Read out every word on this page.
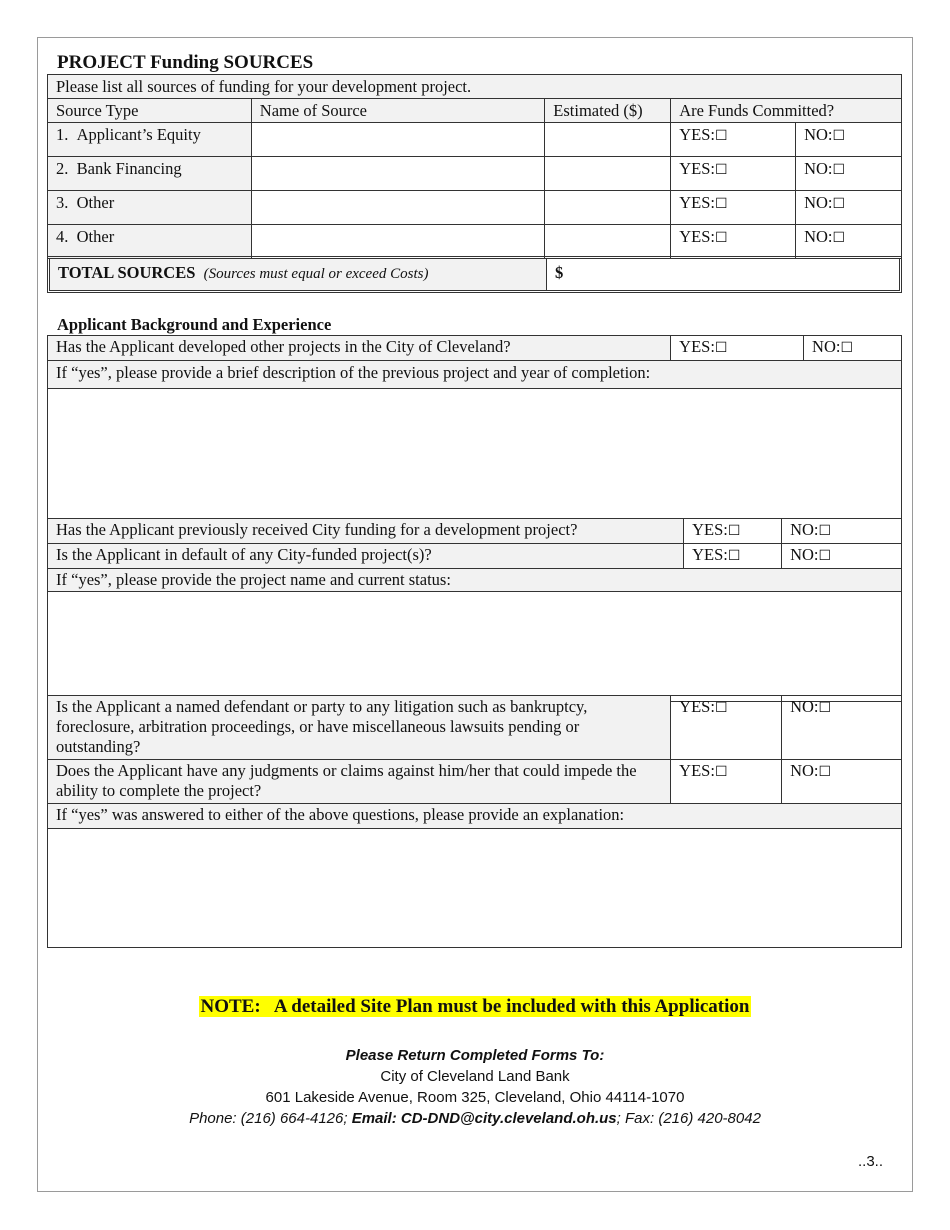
PROJECT Funding SOURCES
Please list all sources of funding for your development project.				
Source Type	Name of Source	Estimated ($)	Are Funds Committed?	
1. Applicant’s Equity			YES:☐	NO:☐
2. Bank Financing			YES:☐	NO:☐
3. Other			YES:☐	NO:☐
4. Other			YES:☐	NO:☐
TOTAL SOURCES (Sources must equal or exceed Costs)	$
Applicant Background and Experience
Has the Applicant developed other projects in the City of Cleveland?	YES:☐	NO:☐
If “yes”, please provide a brief description of the previous project and year of completion:

Has the Applicant previously received City funding for a development project?	YES:☐	NO:☐
Is the Applicant in default of any City-funded project(s)?	YES:☐	NO:☐
If “yes”, please provide the project name and current status:		

Is the Applicant a named defendant or party to any litigation such as bankruptcy, foreclosure, arbitration proceedings, or have miscellaneous lawsuits pending or outstanding?	YES:☐	NO:☐
Does the Applicant have any judgments or claims against him/her that could impede the ability to complete the project?	YES:☐	NO:☐
If “yes” was answered to either of the above questions, please provide an explanation:		

NOTE:   A detailed Site Plan must be included with this Application
Please Return Completed Forms To:
City of Cleveland Land Bank
601 Lakeside Avenue, Room 325, Cleveland, Ohio 44114-1070
Phone: (216) 664-4126; Email: CD-DND@city.cleveland.oh.us; Fax: (216) 420-8042
..3..
